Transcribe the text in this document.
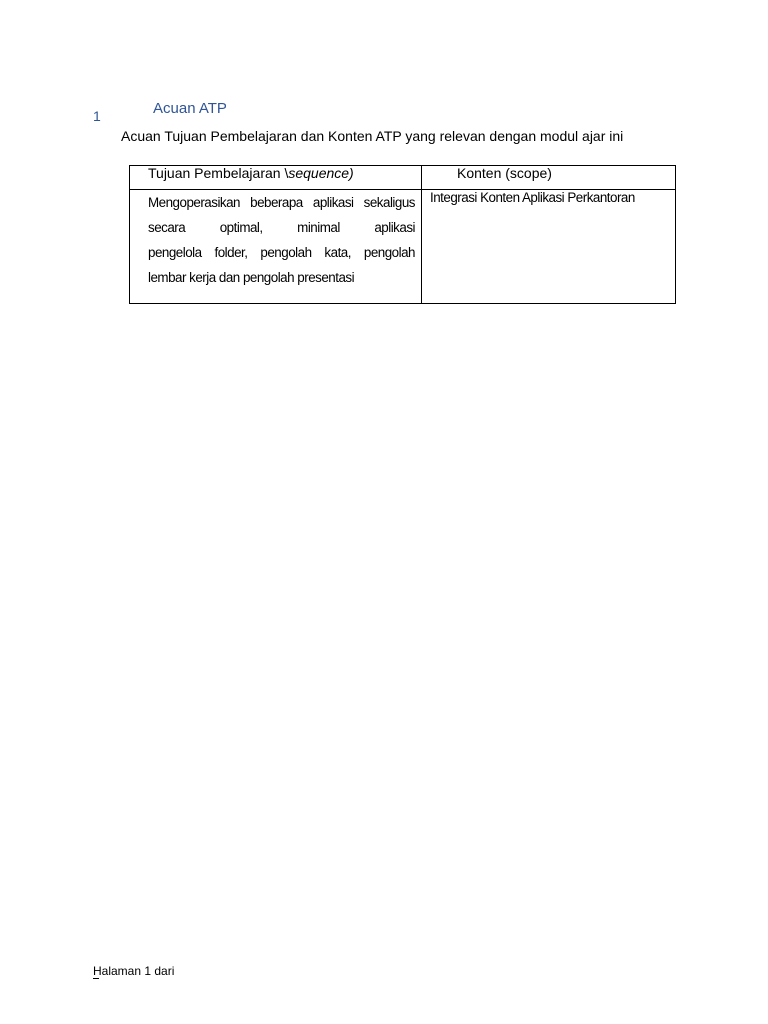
1	Acuan ATP
Acuan Tujuan Pembelajaran dan Konten ATP yang relevan dengan modul ajar ini
Tujuan Pembelajaran \sequence)	Konten (scope)

Mengoperasikan beberapa aplikasi sekaligus
secara optimal, minimal aplikasi
pengelola folder, pengolah kata, pengolah
lembar kerja dan pengolah presentasi	Integrasi Konten Aplikasi Perkantoran
Halaman 1 dari
